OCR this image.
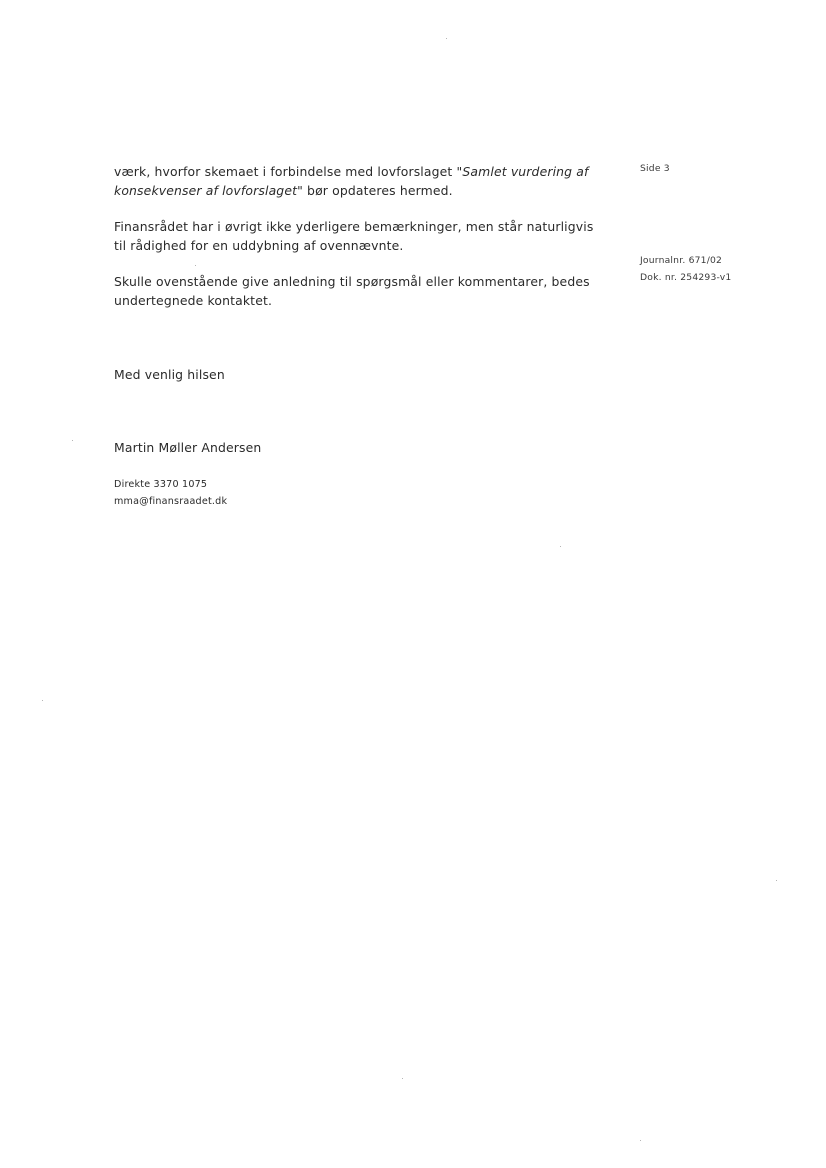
værk, hvorfor skemaet i forbindelse med lovforslaget "Samlet vurdering af konsekvenser af lovforslaget" bør opdateres hermed.

Finansrådet har i øvrigt ikke yderligere bemærkninger, men står naturligvis til rådighed for en uddybning af ovennævnte.

Skulle ovenstående give anledning til spørgsmål eller kommentarer, bedes undertegnede kontaktet.

Med venlig hilsen

Martin Møller Andersen

Direkte 3370 1075
mma@finansraadet.dk
Side 3
Journalnr. 671/02
Dok. nr. 254293-v1
